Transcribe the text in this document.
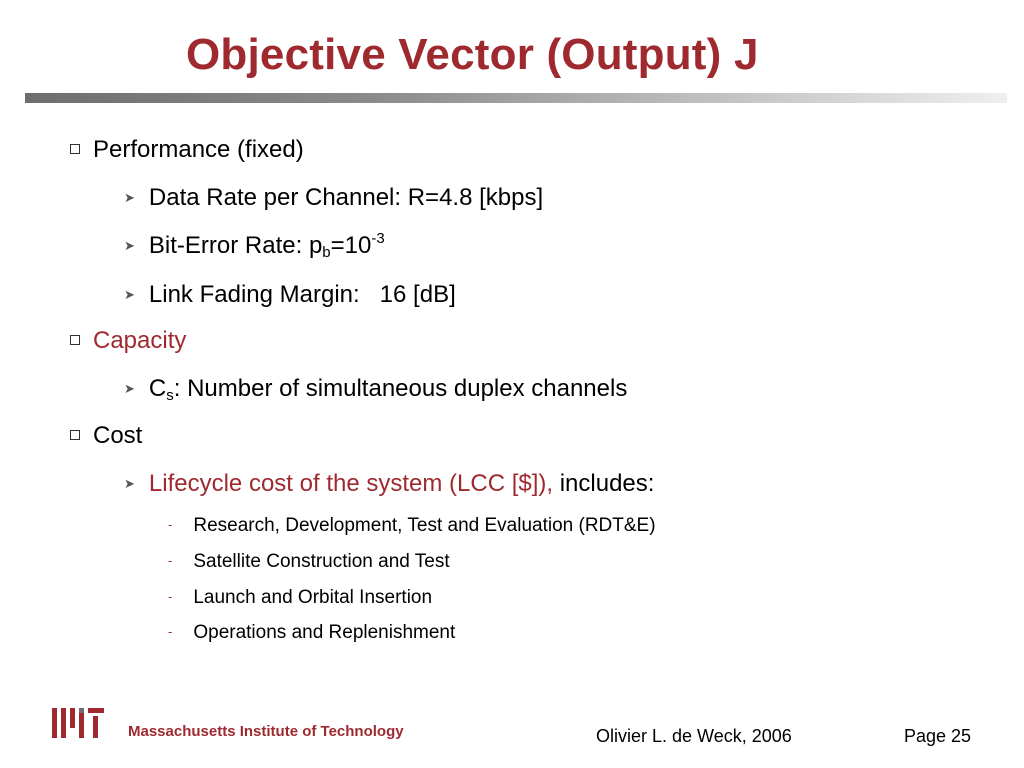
Objective Vector (Output) J
Performance (fixed)
➤ Data Rate per Channel: R=4.8 [kbps]
➤ Bit-Error Rate: $p_b=10^{-3}$
➤ Link Fading Margin:   16 [dB]
Capacity
➤ $C_s$: Number of simultaneous duplex channels
Cost
➤ Lifecycle cost of the system (LCC [$]), includes:
- Research, Development, Test and Evaluation (RDT&E)
- Satellite Construction and Test
- Launch and Orbital Insertion
- Operations and Replenishment
Massachusetts Institute of Technology	Olivier L. de Weck, 2006	Page 25
